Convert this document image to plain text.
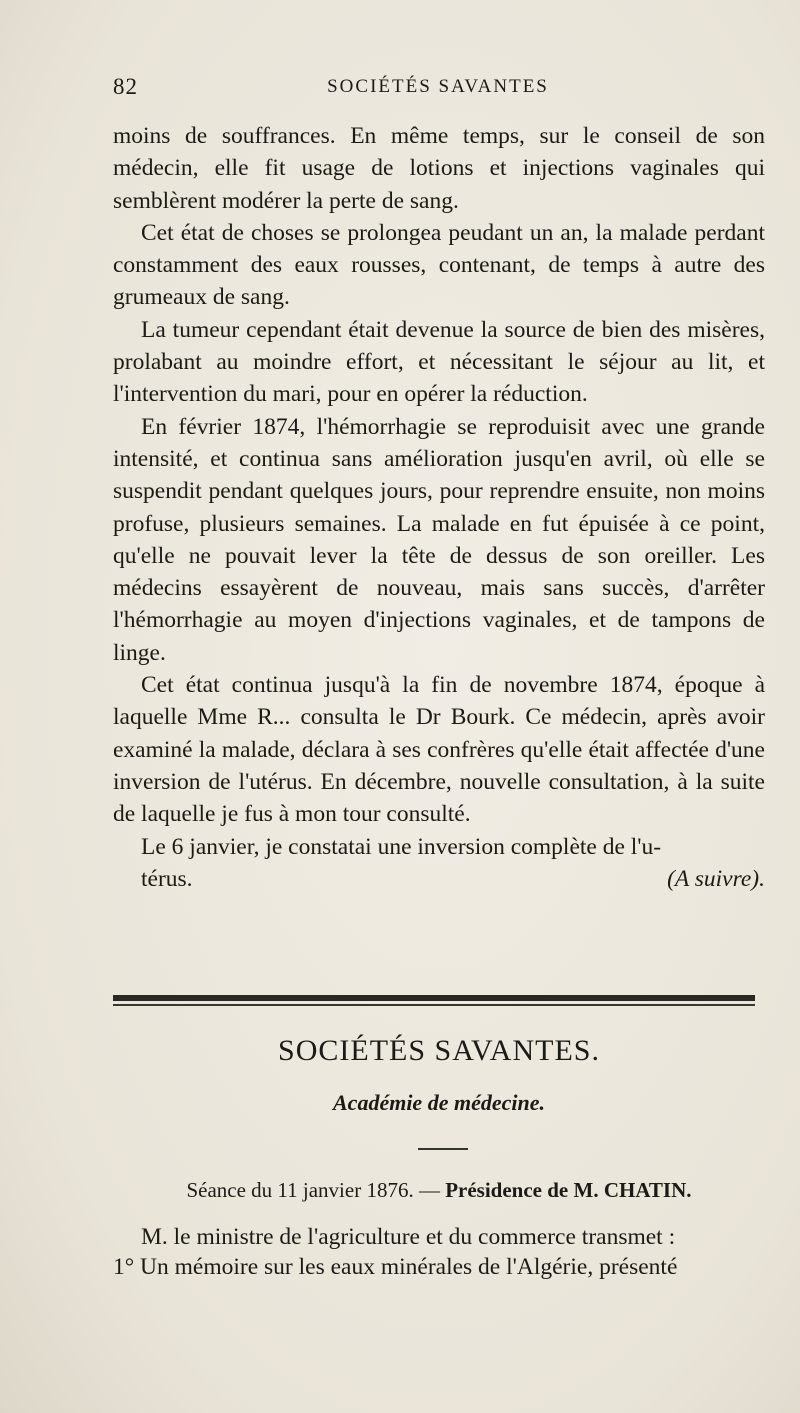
82	SOCIÉTÉS SAVANTES

moins de souffrances. En même temps, sur le conseil de son médecin, elle fit usage de lotions et injections vaginales qui semblèrent modérer la perte de sang.

Cet état de choses se prolongea peudant un an, la malade perdant constamment des eaux rousses, contenant, de temps à autre des grumeaux de sang.

La tumeur cependant était devenue la source de bien des misères, prolabant au moindre effort, et nécessitant le séjour au lit, et l'intervention du mari, pour en opérer la réduction.

En février 1874, l'hémorrhagie se reproduisit avec une grande intensité, et continua sans amélioration jusqu'en avril, où elle se suspendit pendant quelques jours, pour reprendre ensuite, non moins profuse, plusieurs semaines. La malade en fut épuisée à ce point, qu'elle ne pouvait lever la tête de dessus de son oreiller. Les médecins essayèrent de nouveau, mais sans succès, d'arrêter l'hémorrhagie au moyen d'injections vaginales, et de tampons de linge.

Cet état continua jusqu'à la fin de novembre 1874, époque à laquelle Mme R... consulta le Dr Bourk. Ce médecin, après avoir examiné la malade, déclara à ses confrères qu'elle était affectée d'une inversion de l'utérus. En décembre, nouvelle consultation, à la suite de laquelle je fus à mon tour consulté.

Le 6 janvier, je constatai une inversion complète de l'u-

térus.	(A suivre).

SOCIÉTÉS SAVANTES.
Académie de médecine.
Séance du 11 janvier 1876. — Présidence de M. CHATIN.

M. le ministre de l'agriculture et du commerce transmet :

1° Un mémoire sur les eaux minérales de l'Algérie, présenté
